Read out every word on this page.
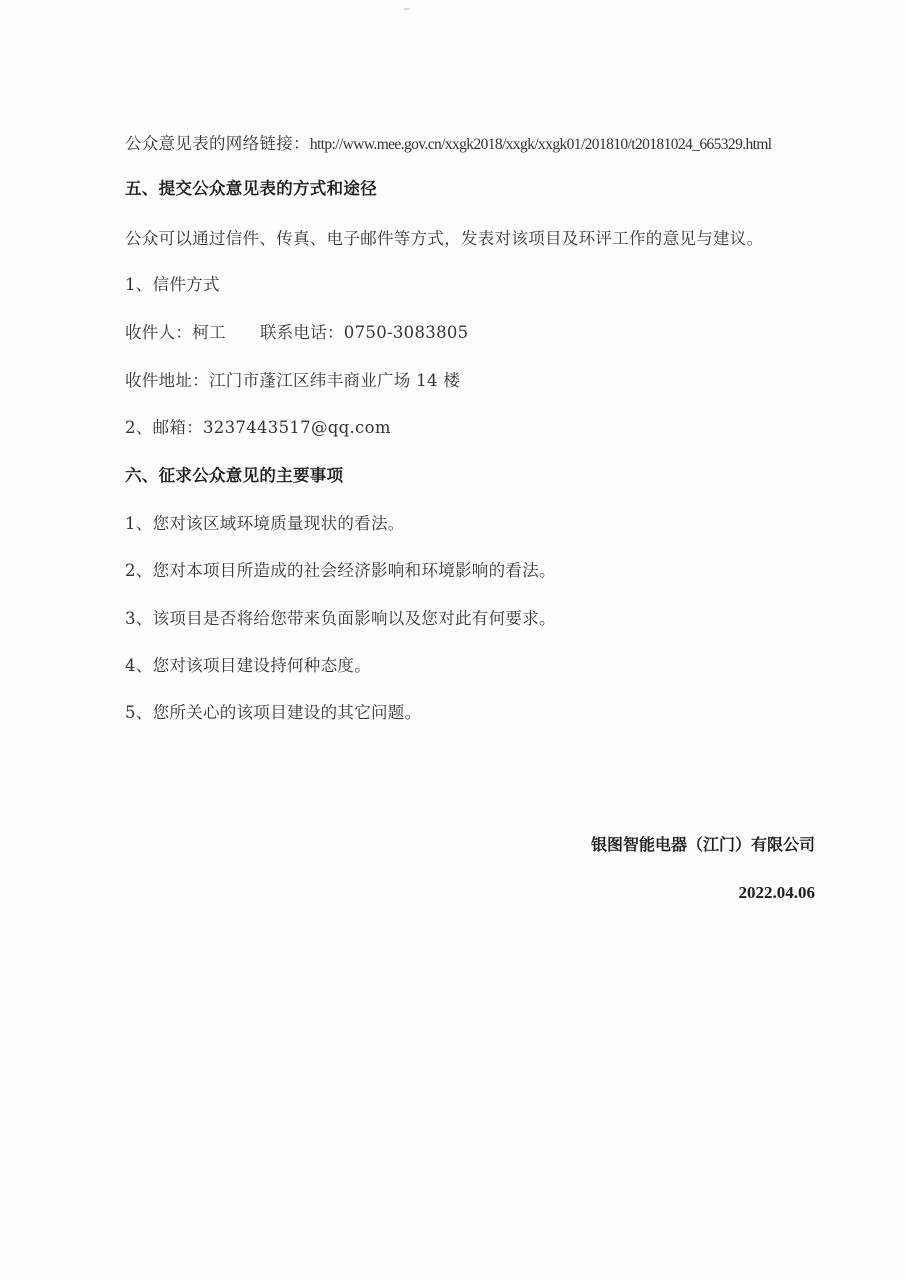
公众意见表的网络链接：http://www.mee.gov.cn/xxgk2018/xxgk/xxgk01/201810/t20181024_665329.html
五、提交公众意见表的方式和途径
公众可以通过信件、传真、电子邮件等方式，发表对该项目及环评工作的意见与建议。
1、信件方式
收件人：柯工 联系电话：0750-3083805
收件地址：江门市蓬江区纬丰商业广场 14 楼
2、邮箱：3237443517@qq.com
六、征求公众意见的主要事项
1、您对该区域环境质量现状的看法。
2、您对本项目所造成的社会经济影响和环境影响的看法。
3、该项目是否将给您带来负面影响以及您对此有何要求。
4、您对该项目建设持何种态度。
5、您所关心的该项目建设的其它问题。
银图智能电器（江门）有限公司
2022.04.06
